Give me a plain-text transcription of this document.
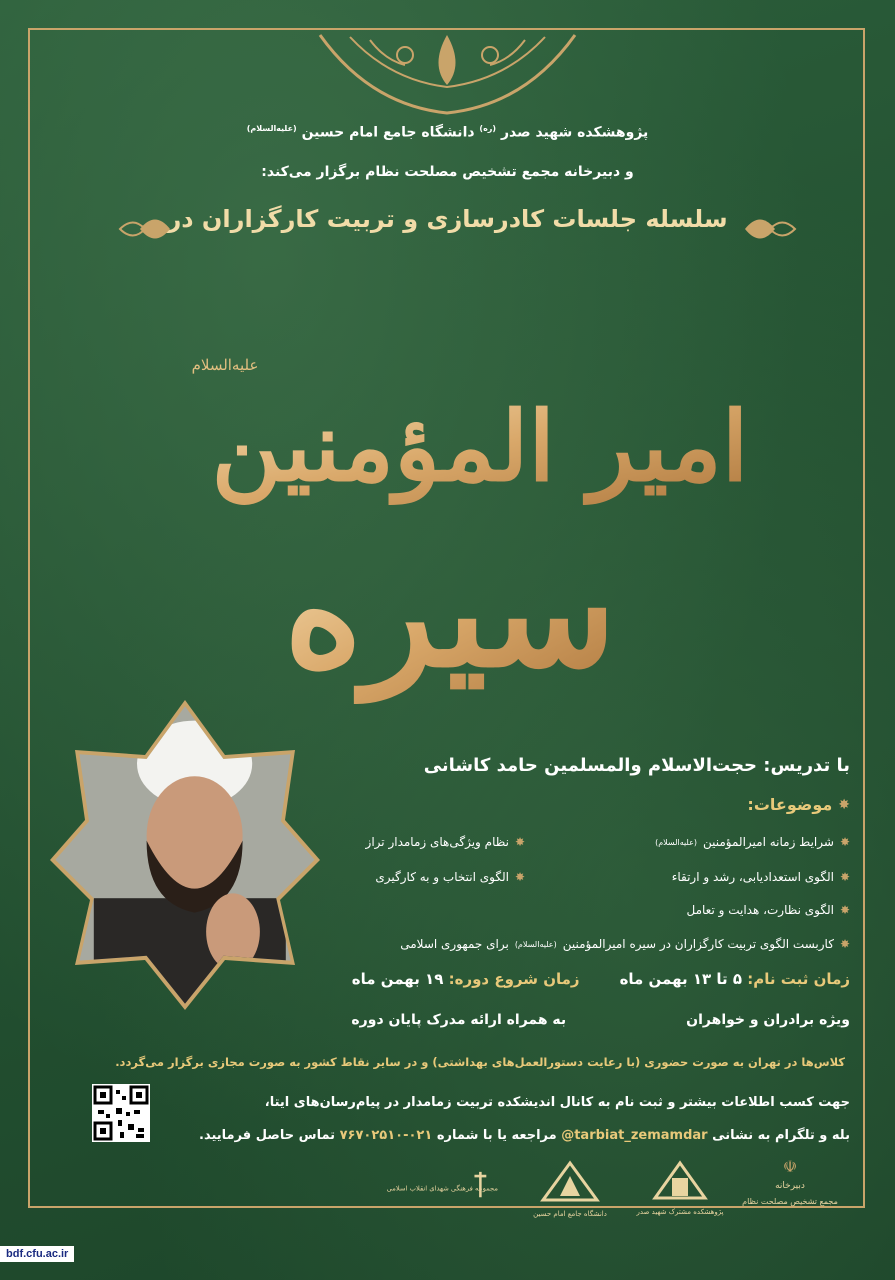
پژوهشکده شهید صدر $^{(ره)}$ دانشگاه جامع امام حسین $^{(علیه‌السلام)}$
و دبیرخانه مجمع تشخیص مصلحت نظام برگزار می‌کند:
سلسله جلسات کادرسازی و تربیت کارگزاران در
امیر المؤمنین
سیره
علیه‌السلام
با تدریس: حجت‌الاسلام والمسلمین حامد کاشانی
✸
موضوعات:
✸
شرایط زمانه امیرالمؤمنین
(علیه‌السلام)
✸
الگوی استعدادیابی، رشد و ارتقاء
✸
الگوی نظارت، هدایت و تعامل
✸
نظام ویژگی‌های زمامدار تراز
✸
الگوی انتخاب و به کارگیری
✸
کاربست الگوی تربیت کارگزاران در سیره امیرالمؤمنین
(علیه‌السلام)
برای جمهوری اسلامی
زمان ثبت نام: ۵ تا ۱۳ بهمن ماه
زمان شروع دوره: ۱۹ بهمن ماه
ویژه برادران و خواهران
به همراه ارائه مدرک پایان دوره
کلاس‌ها در تهران به صورت حضوری (با رعایت دستورالعمل‌های بهداشتی) و در سایر نقاط کشور به صورت مجازی برگزار می‌گردد.
جهت کسب اطلاعات بیشتر و ثبت نام به کانال اندیشکده تربیت زمامدار در پیام‌رسان‌های ایتا،
بله و تلگرام به نشانی tarbiat_zemamdar@ مراجعه یا با شماره ۰۲۱-۷۶۷۰۲۵۱۰ تماس حاصل فرمایید.
☫
دبیرخانه
مجمع تشخیص مصلحت نظام
پژوهشکده مشترک شهید صدر
دانشگاه جامع امام حسین
مجموعه فرهنگی شهدای انقلاب اسلامی
bdf.cfu.ac.ir
